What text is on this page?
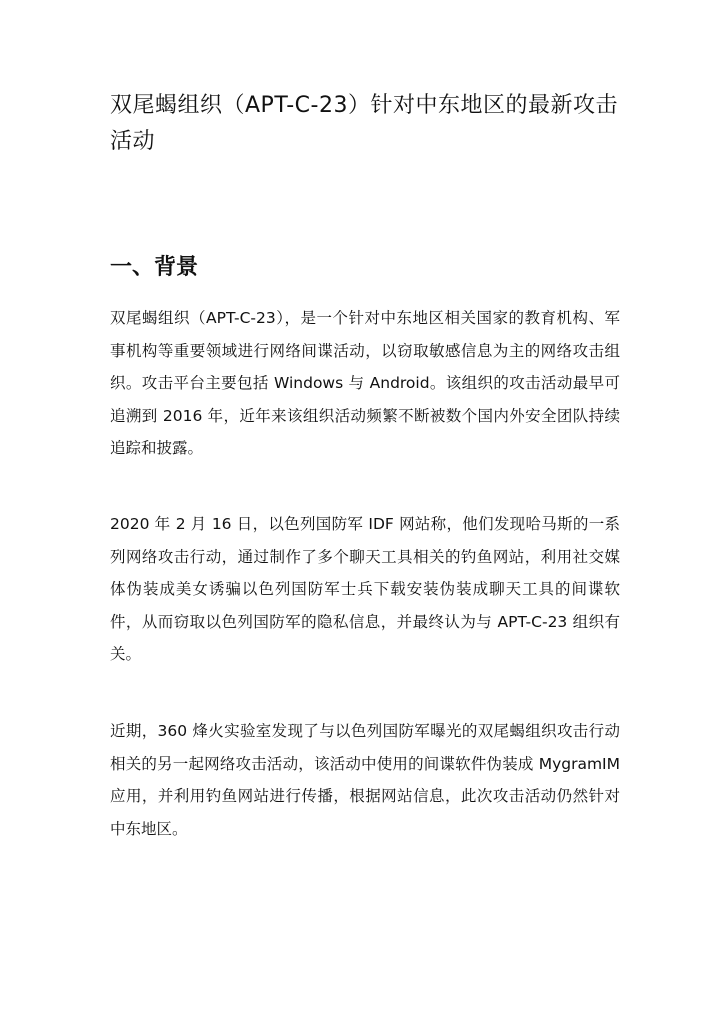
双尾蝎组织（APT-C-23）针对中东地区的最新攻击活动
一、背景

双尾蝎组织（APT-C-23），是一个针对中东地区相关国家的教育机构、军事机构等重要领域进行网络间谍活动，以窃取敏感信息为主的网络攻击组织。攻击平台主要包括 Windows 与 Android。该组织的攻击活动最早可追溯到 2016 年，近年来该组织活动频繁不断被数个国内外安全团队持续追踪和披露。

2020 年 2 月 16 日，以色列国防军 IDF 网站称，他们发现哈马斯的一系列网络攻击行动，通过制作了多个聊天工具相关的钓鱼网站，利用社交媒体伪装成美女诱骗以色列国防军士兵下载安装伪装成聊天工具的间谍软件，从而窃取以色列国防军的隐私信息，并最终认为与 APT-C-23 组织有关。

近期，360 烽火实验室发现了与以色列国防军曝光的双尾蝎组织攻击行动相关的另一起网络攻击活动，该活动中使用的间谍软件伪装成 MygramIM 应用，并利用钓鱼网站进行传播，根据网站信息，此次攻击活动仍然针对中东地区。
